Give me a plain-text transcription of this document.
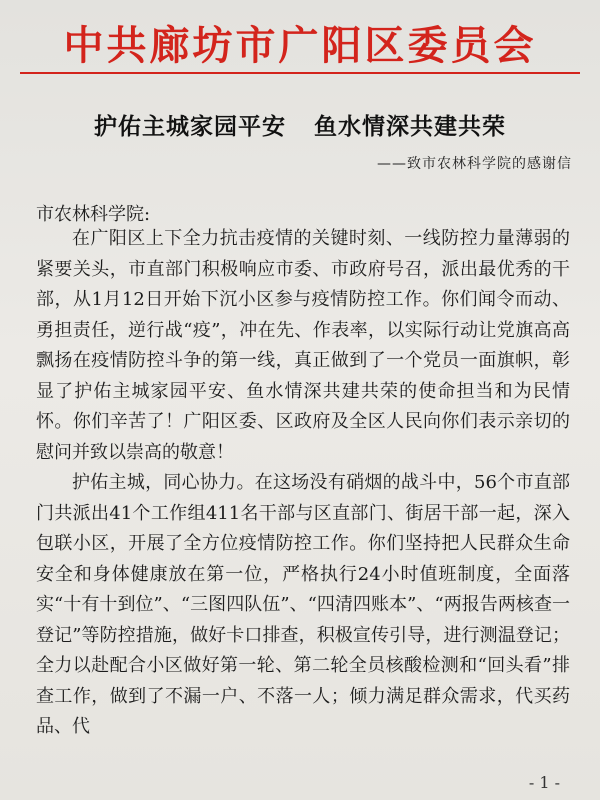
中共廊坊市广阳区委员会
护佑主城家园平安 鱼水情深共建共荣
——致市农林科学院的感谢信
市农林科学院:

在广阳区上下全力抗击疫情的关键时刻、一线防控力量薄弱的紧要关头，市直部门积极响应市委、市政府号召，派出最优秀的干部，从1月12日开始下沉小区参与疫情防控工作。你们闻令而动、勇担责任，逆行战“疫”，冲在先、作表率，以实际行动让党旗高高飘扬在疫情防控斗争的第一线，真正做到了一个党员一面旗帜，彰显了护佑主城家园平安、鱼水情深共建共荣的使命担当和为民情怀。你们辛苦了！广阳区委、区政府及全区人民向你们表示亲切的慰问并致以崇高的敬意！

护佑主城，同心协力。在这场没有硝烟的战斗中，56个市直部门共派出41个工作组411名干部与区直部门、街居干部一起，深入包联小区，开展了全方位疫情防控工作。你们坚持把人民群众生命安全和身体健康放在第一位，严格执行24小时值班制度，全面落实“十有十到位”、“三图四队伍”、“四清四账本”、“两报告两核查一登记”等防控措施，做好卡口排查，积极宣传引导，进行测温登记；全力以赴配合小区做好第一轮、第二轮全员核酸检测和“回头看”排查工作，做到了不漏一户、不落一人；倾力满足群众需求，代买药品、代

- 1 -
